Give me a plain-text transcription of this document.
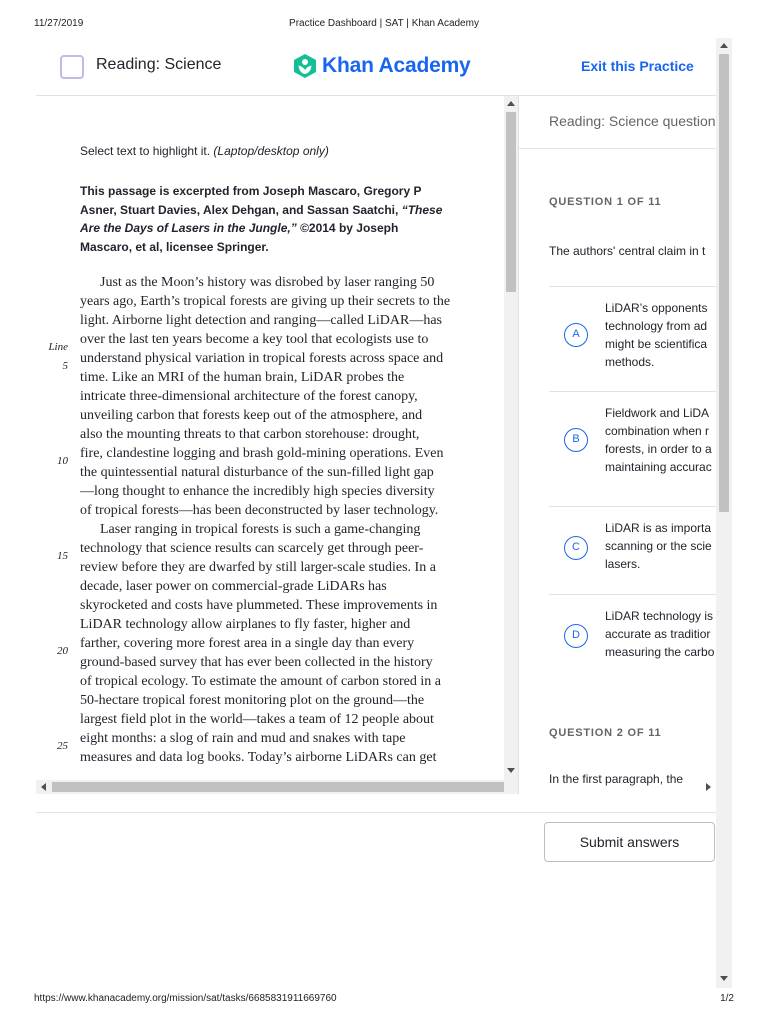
11/27/2019	Practice Dashboard | SAT | Khan Academy
Reading: Science	Khan Academy	Exit this Practice
Select text to highlight it. (Laptop/desktop only)
This passage is excerpted from Joseph Mascaro, Gregory P Asner, Stuart Davies, Alex Dehgan, and Sassan Saatchi, “These Are the Days of Lasers in the Jungle,” ©2014 by Joseph Mascaro, et al, licensee Springer.
Line
5
10
15
20
25
Just as the Moon’s history was disrobed by laser ranging 50
years ago, Earth’s tropical forests are giving up their secrets to the
light. Airborne light detection and ranging—called LiDAR—has
over the last ten years become a key tool that ecologists use to
understand physical variation in tropical forests across space and
time. Like an MRI of the human brain, LiDAR probes the
intricate three-dimensional architecture of the forest canopy,
unveiling carbon that forests keep out of the atmosphere, and
also the mounting threats to that carbon storehouse: drought,
fire, clandestine logging and brash gold-mining operations. Even
the quintessential natural disturbance of the sun-filled light gap
—long thought to enhance the incredibly high species diversity
of tropical forests—has been deconstructed by laser technology.
Laser ranging in tropical forests is such a game-changing
technology that science results can scarcely get through peer-
review before they are dwarfed by still larger-scale studies. In a
decade, laser power on commercial-grade LiDARs has
skyrocketed and costs have plummeted. These improvements in
LiDAR technology allow airplanes to fly faster, higher and
farther, covering more forest area in a single day than every
ground-based survey that has ever been collected in the history
of tropical ecology. To estimate the amount of carbon stored in a
50-hectare tropical forest monitoring plot on the ground—the
largest field plot in the world—takes a team of 12 people about
eight months: a slog of rain and mud and snakes with tape
measures and data log books. Today’s airborne LiDARs can get
Reading: Science question
QUESTION 1 OF 11
The authors' central claim in t
A
LiDAR’s opponents
technology from ad
might be scientifica
methods.
B
Fieldwork and LiDA
combination when r
forests, in order to a
maintaining accurac
C
LiDAR is as importa
scanning or the scie
lasers.
D
LiDAR technology is
accurate as traditior
measuring the carbo
QUESTION 2 OF 11
In the first paragraph, the
Submit answers
https://www.khanacademy.org/mission/sat/tasks/6685831911669760	1/2
